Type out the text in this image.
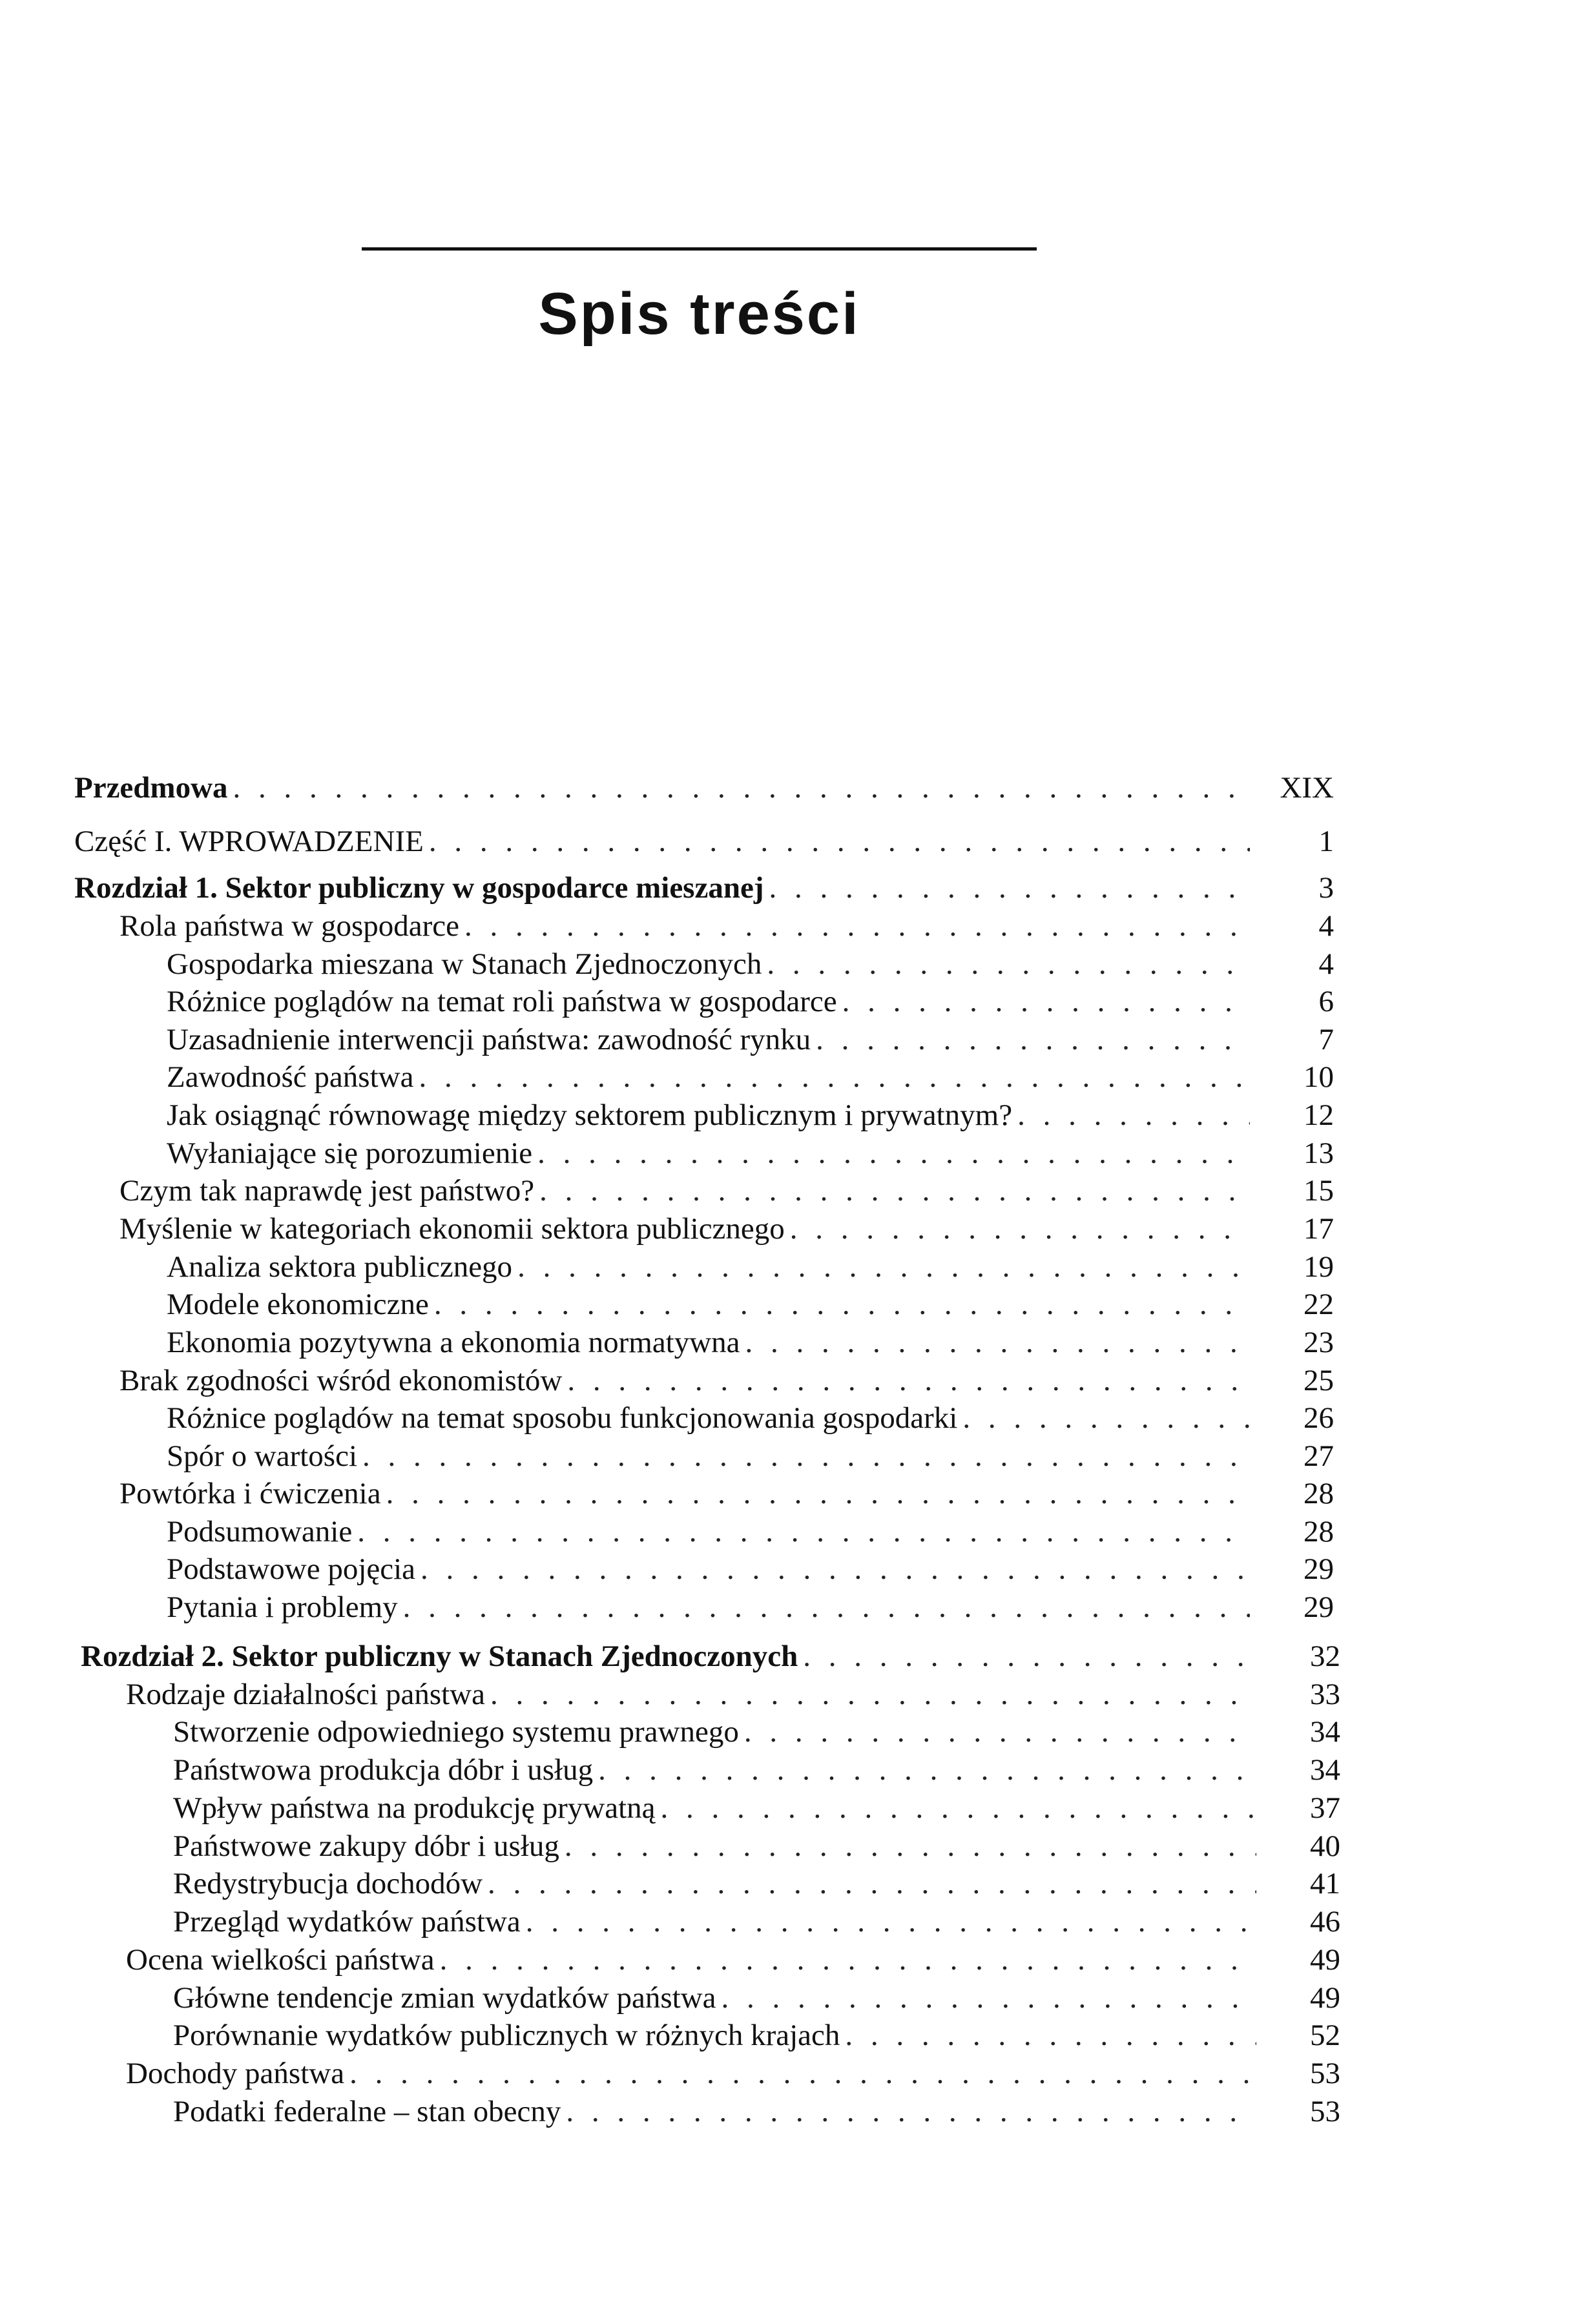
Spis treści
Przedmowa . . .	XIX
Część I. WPROWADZENIE . . .	1
Rozdział 1. Sektor publiczny w gospodarce mieszanej . . .	3
Rola państwa w gospodarce . . .	4
Gospodarka mieszana w Stanach Zjednoczonych . . .	4
Różnice poglądów na temat roli państwa w gospodarce . . .	6
Uzasadnienie interwencji państwa: zawodność rynku . . .	7
Zawodność państwa . . .	10
Jak osiągnąć równowagę między sektorem publicznym i prywatnym? . . .	12
Wyłaniające się porozumienie . . .	13
Czym tak naprawdę jest państwo? . . .	15
Myślenie w kategoriach ekonomii sektora publicznego . . .	17
Analiza sektora publicznego . . .	19
Modele ekonomiczne . . .	22
Ekonomia pozytywna a ekonomia normatywna . . .	23
Brak zgodności wśród ekonomistów . . .	25
Różnice poglądów na temat sposobu funkcjonowania gospodarki . . .	26
Spór o wartości . . .	27
Powtórka i ćwiczenia . . .	28
Podsumowanie . . .	28
Podstawowe pojęcia . . .	29
Pytania i problemy . . .	29
Rozdział 2. Sektor publiczny w Stanach Zjednoczonych . . .	32
Rodzaje działalności państwa . . .	33
Stworzenie odpowiedniego systemu prawnego . . .	34
Państwowa produkcja dóbr i usług . . .	34
Wpływ państwa na produkcję prywatną . . .	37
Państwowe zakupy dóbr i usług . . .	40
Redystrybucja dochodów . . .	41
Przegląd wydatków państwa . . .	46
Ocena wielkości państwa . . .	49
Główne tendencje zmian wydatków państwa . . .	49
Porównanie wydatków publicznych w różnych krajach . . .	52
Dochody państwa . . .	53
Podatki federalne – stan obecny . . .	53
